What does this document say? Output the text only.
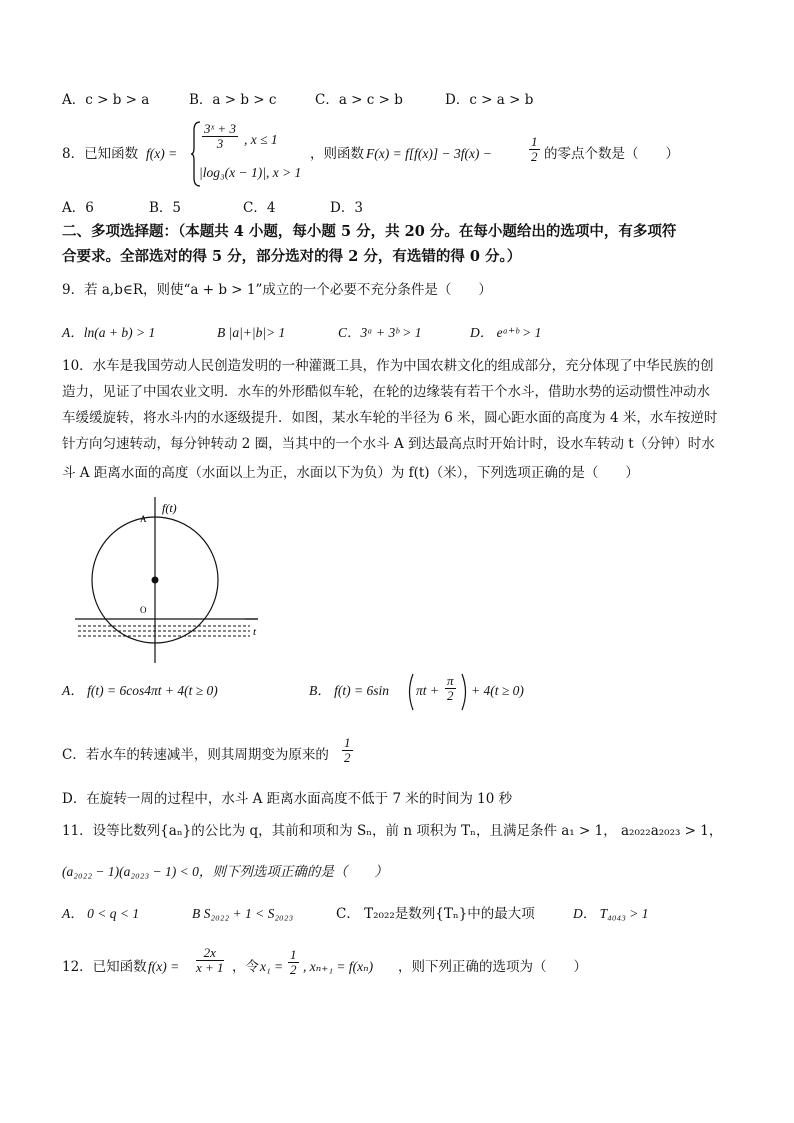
A．c > b > a	B．a > b > c	C．a > c > b	D．c > a > b
8．已知函数 f(x) =
$\frac{\text{3ˣ + 3}}{3}$ , x ≤ 1
|log₃(x − 1)|, x > 1
，则函数 F(x) = f[f(x)] − 3f(x) −	$\frac{1}{2}$ 的零点个数是（　　）
A．6	B．5	C．4	D．3
二、多项选择题：（本题共 4 小题，每小题 5 分，共 20 分。在每小题给出的选项中，有多项符
合要求。全部选对的得 5 分，部分选对的得 2 分，有选错的得 0 分。）
9．若 a,b∈R，则使“a + b > 1”成立的一个必要不充分条件是（　　）
A．ln(a + b) > 1	B |a|+|b|> 1	C．3ᵃ + 3ᵇ > 1	D． eᵃ⁺ᵇ > 1
10．水车是我国劳动人民创造发明的一种灌溉工具，作为中国农耕文化的组成部分，充分体现了中华民族的创
造力，见证了中国农业文明．水车的外形酷似车轮，在轮的边缘装有若干个水斗，借助水势的运动惯性冲动水
车缓缓旋转，将水斗内的水逐级提升．如图，某水车轮的半径为 6 米，圆心距水面的高度为 4 米，水车按逆时
针方向匀速转动，每分钟转动 2 圈，当其中的一个水斗 A 到达最高点时开始计时，设水车转动 t（分钟）时水
斗 A 距离水面的高度（水面以上为正，水面以下为负）为 f(t)（米），下列选项正确的是（　　）
f(t)
t
A
O
A． f(t) = 6cos4πt + 4(t ≥ 0)	B． f(t) = 6sin $\pi t + \frac{\pi}{2} + 4(t \ge 0)$
C．若水车的转速减半，则其周期变为原来的 $\frac{1}{2}$
D．在旋转一周的过程中，水斗 A 距离水面高度不低于 7 米的时间为 10 秒
11．设等比数列{aₙ}的公比为 q，其前和项和为 Sₙ，前 n 项积为 Tₙ，且满足条件 a₁ > 1， a₂₀₂₂a₂₀₂₃ > 1，
(a₂₀₂₂ − 1)(a₂₀₂₃ − 1) < 0，则下列选项正确的是（　　）
A． 0 < q < 1	B S₂₀₂₂ + 1 < S₂₀₂₃	C． T₂₀₂₂是数列{Tₙ}中的最大项	D． T₄₀₄₃ > 1
12．已知函数 $f(x) = \frac{2x}{x + 1}$ ，令 $x_1 = \frac{1}{2}$ , xₙ₊₁ = f(xₙ) ，则下列正确的选项为（　　）
